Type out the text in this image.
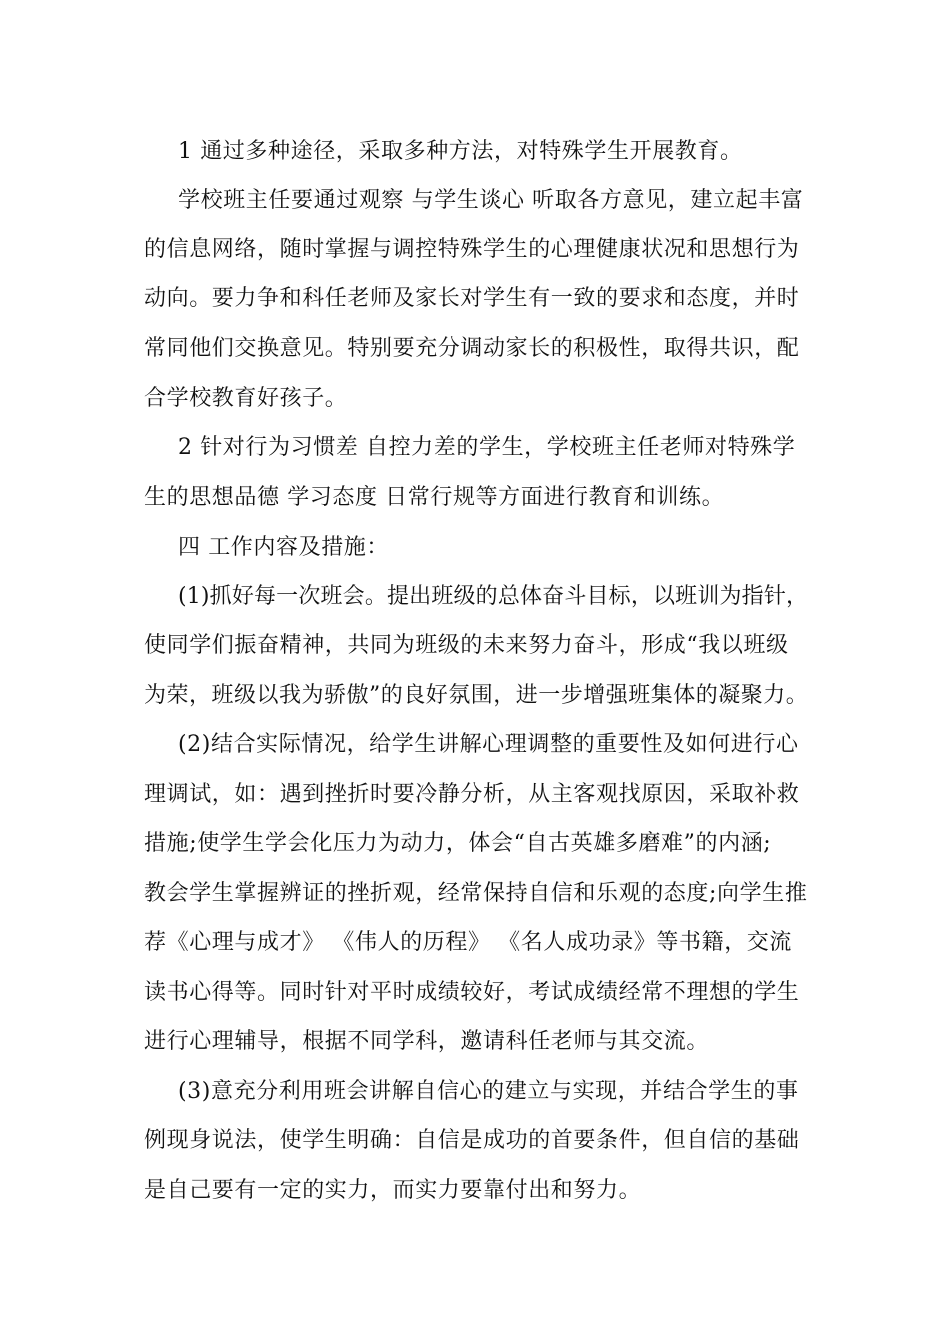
1 通过多种途径，采取多种方法，对特殊学生开展教育。
学校班主任要通过观察 与学生谈心 听取各方意见，建立起丰富
的信息网络，随时掌握与调控特殊学生的心理健康状况和思想行为
动向。要力争和科任老师及家长对学生有一致的要求和态度，并时
常同他们交换意见。特别要充分调动家长的积极性，取得共识，配
合学校教育好孩子。
2 针对行为习惯差 自控力差的学生，学校班主任老师对特殊学
生的思想品德 学习态度 日常行规等方面进行教育和训练。
四 工作内容及措施：
(1)抓好每一次班会。提出班级的总体奋斗目标，以班训为指针，
使同学们振奋精神，共同为班级的未来努力奋斗，形成“我以班级
为荣，班级以我为骄傲”的良好氛围，进一步增强班集体的凝聚力。
(2)结合实际情况，给学生讲解心理调整的重要性及如何进行心
理调试，如：遇到挫折时要冷静分析，从主客观找原因，采取补救
措施;使学生学会化压力为动力，体会“自古英雄多磨难”的内涵;
教会学生掌握辨证的挫折观，经常保持自信和乐观的态度;向学生推
荐《心理与成才》 《伟人的历程》 《名人成功录》等书籍，交流
读书心得等。同时针对平时成绩较好，考试成绩经常不理想的学生
进行心理辅导，根据不同学科，邀请科任老师与其交流。
(3)意充分利用班会讲解自信心的建立与实现，并结合学生的事
例现身说法，使学生明确：自信是成功的首要条件，但自信的基础
是自己要有一定的实力，而实力要靠付出和努力。
